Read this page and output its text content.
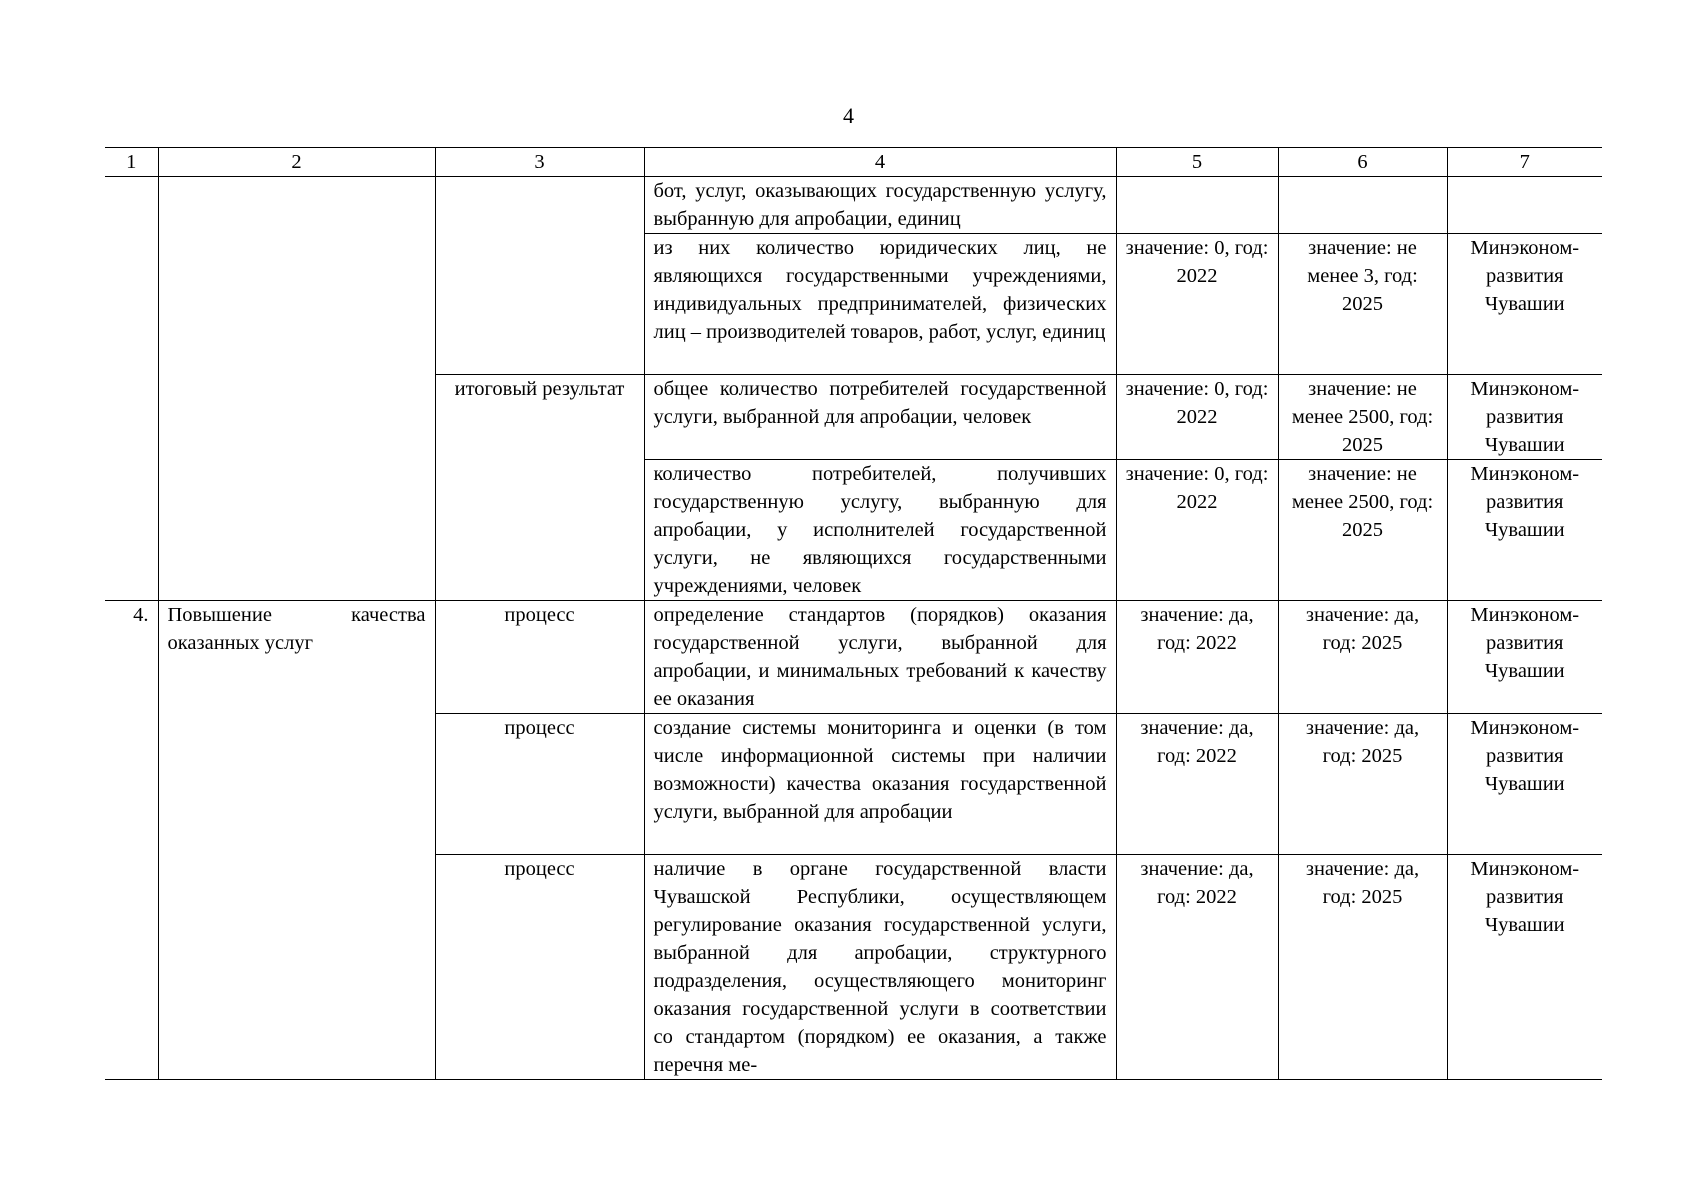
4
1	2	3	4	5	6	7
			бот, услуг, оказывающих государственную услугу, выбранную для апробации, единиц			
			из них количество юридических лиц, не являющихся государственными учреждениями, индивидуальных предпринимателей, физических лиц – производителей товаров, работ, услуг, единиц	значение: 0, год: 2022	значение: не менее 3, год: 2025	Минэконом-развития Чувашии
		итоговый результат	общее количество потребителей государственной услуги, выбранной для апробации, человек	значение: 0, год: 2022	значение: не менее 2500, год: 2025	Минэконом-развития Чувашии
			количество потребителей, получивших государственную услугу, выбранную для апробации, у исполнителей государственной услуги, не являющихся государственными учреждениями, человек	значение: 0, год: 2022	значение: не менее 2500, год: 2025	Минэконом-развития Чувашии
4.	Повышение качества оказанных услуг	процесс	определение стандартов (порядков) оказания государственной услуги, выбранной для апробации, и минимальных требований к качеству ее оказания	значение: да, год: 2022	значение: да, год: 2025	Минэконом-развития Чувашии
		процесс	создание системы мониторинга и оценки (в том числе информационной системы при наличии возможности) качества оказания государственной услуги, выбранной для апробации	значение: да, год: 2022	значение: да, год: 2025	Минэконом-развития Чувашии
		процесс	наличие в органе государственной власти Чувашской Республики, осуществляющем регулирование оказания государственной услуги, выбранной для апробации, структурного подразделения, осуществляющего мониторинг оказания государственной услуги в соответствии со стандартом (порядком) ее оказания, а также перечня ме-	значение: да, год: 2022	значение: да, год: 2025	Минэконом-развития Чувашии
